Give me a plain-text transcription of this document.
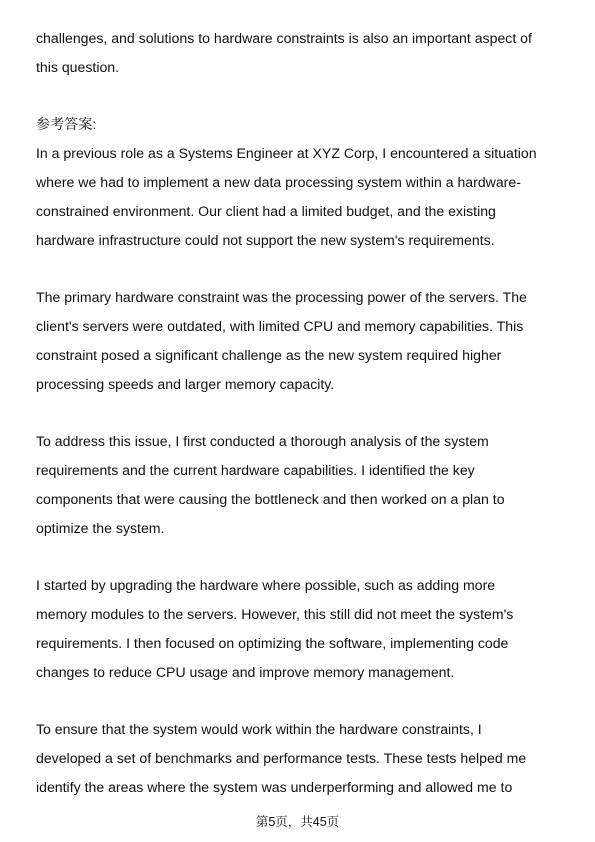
challenges, and solutions to hardware constraints is also an important aspect of
this question.
参考答案:
In a previous role as a Systems Engineer at XYZ Corp, I encountered a situation
where we had to implement a new data processing system within a hardware-
constrained environment. Our client had a limited budget, and the existing
hardware infrastructure could not support the new system's requirements.
The primary hardware constraint was the processing power of the servers. The
client's servers were outdated, with limited CPU and memory capabilities. This
constraint posed a significant challenge as the new system required higher
processing speeds and larger memory capacity.
To address this issue, I first conducted a thorough analysis of the system
requirements and the current hardware capabilities. I identified the key
components that were causing the bottleneck and then worked on a plan to
optimize the system.
I started by upgrading the hardware where possible, such as adding more
memory modules to the servers. However, this still did not meet the system's
requirements. I then focused on optimizing the software, implementing code
changes to reduce CPU usage and improve memory management.
To ensure that the system would work within the hardware constraints, I
developed a set of benchmarks and performance tests. These tests helped me
identify the areas where the system was underperforming and allowed me to
第5页，共45页
